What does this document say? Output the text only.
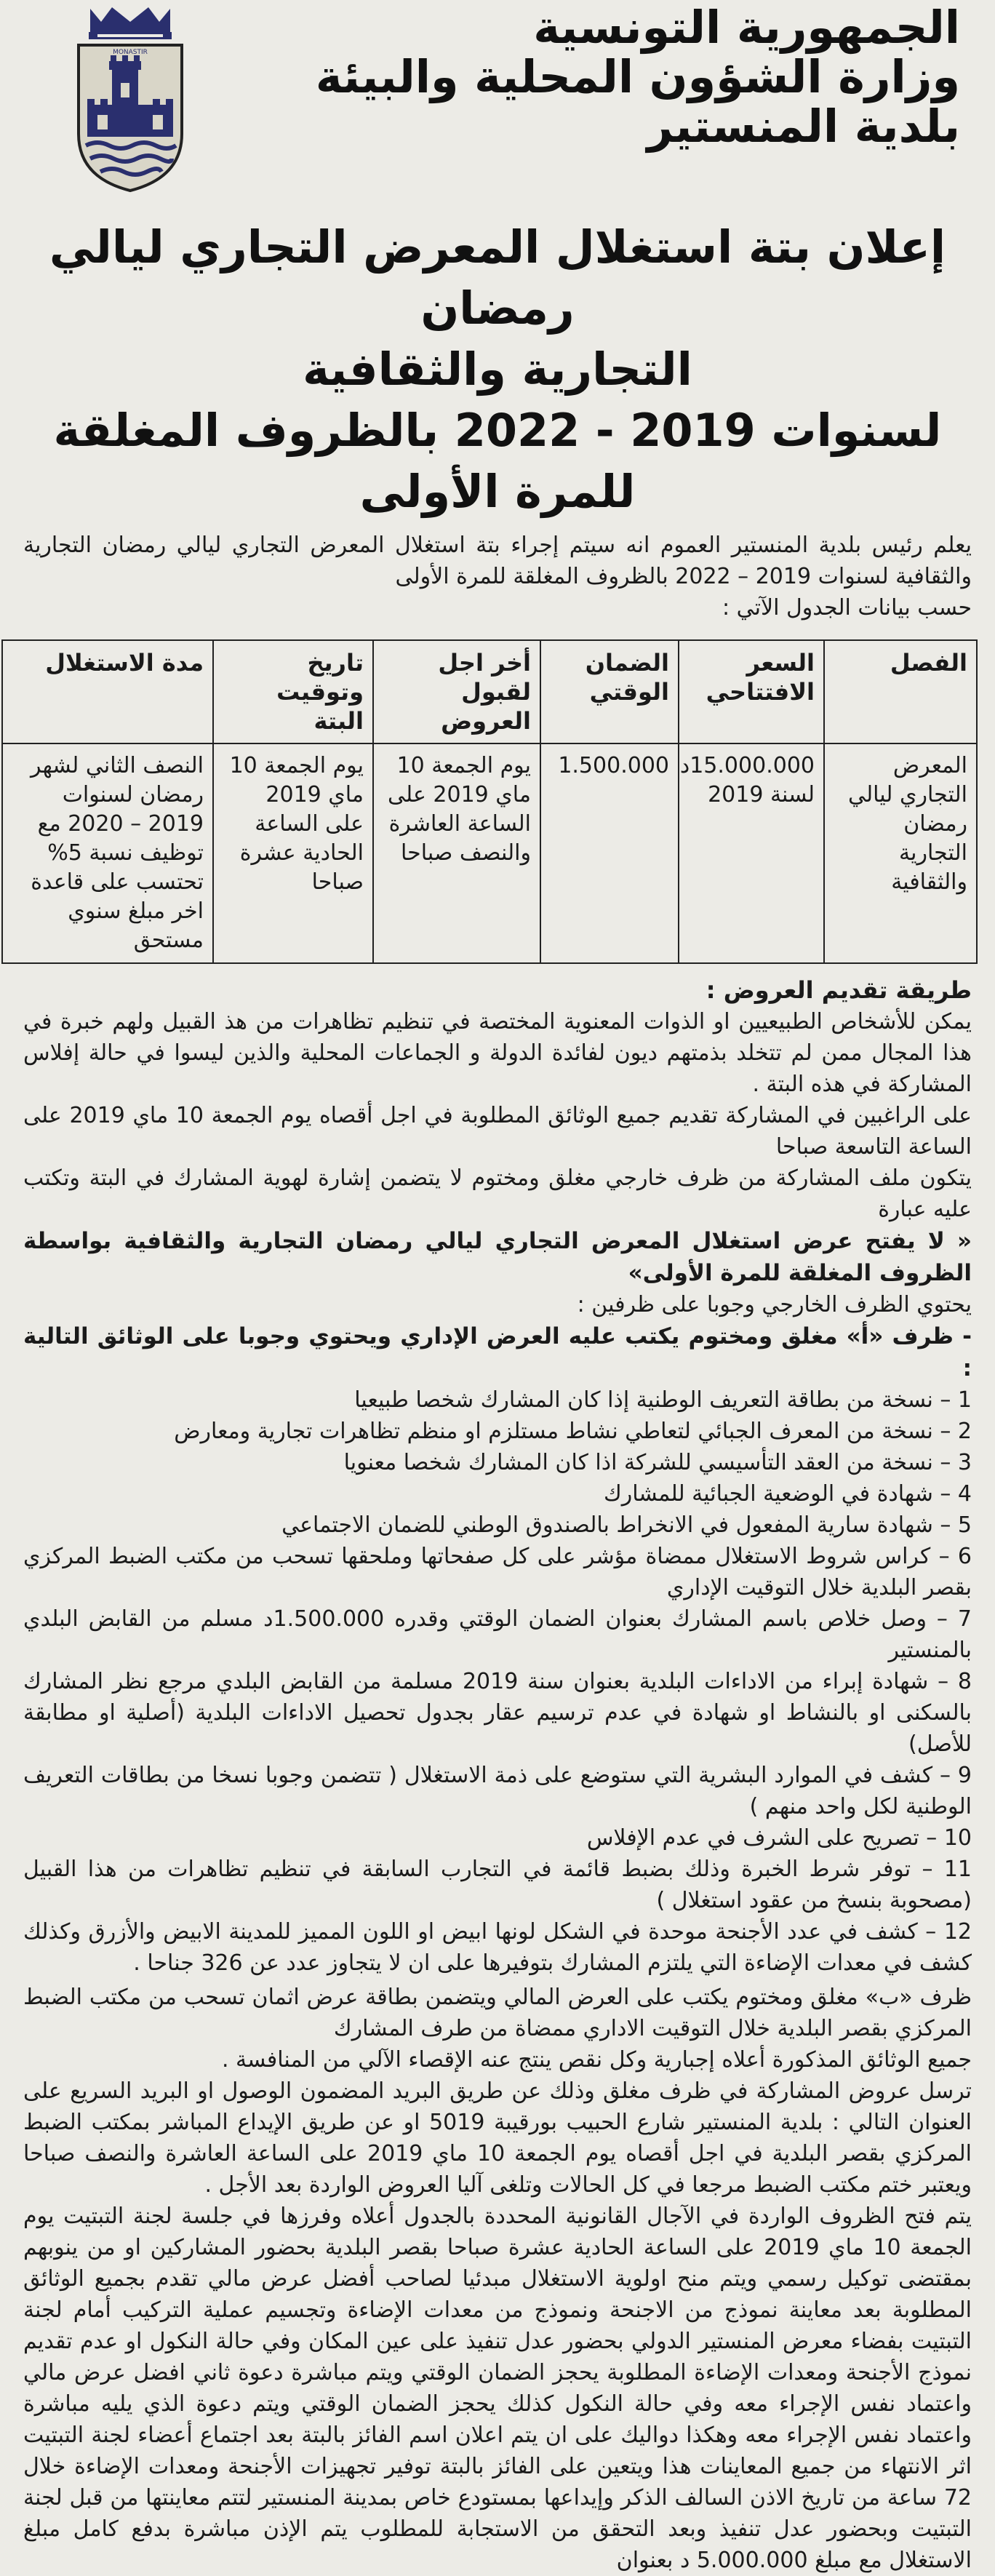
الجمهورية التونسية
وزارة الشؤون المحلية والبيئة
بلدية المنستير
MONASTIR
إعلان بتة استغلال المعرض التجاري ليالي رمضان
التجارية والثقافية
لسنوات 2019 - 2022 بالظروف المغلقة للمرة الأولى

يعلم رئيس بلدية المنستير العموم انه سيتم إجراء بتة استغلال المعرض التجاري ليالي رمضان التجارية والثقافية لسنوات 2019 – 2022 بالظروف المغلقة للمرة الأولى

حسب بيانات الجدول الآتي :

الفصل	السعر الافتتاحي	الضمان الوقتي	أخر اجل لقبول العروض	تاريخ وتوقيت البتة	مدة الاستغلال
المعرض التجاري ليالي رمضان التجارية والثقافية	15.000.000د لسنة 2019	1.500.000	يوم الجمعة 10 ماي 2019 على الساعة العاشرة والنصف صباحا	يوم الجمعة 10 ماي 2019 على الساعة الحادية عشرة صباحا	النصف الثاني لشهر رمضان لسنوات 2019 – 2020 مع توظيف نسبة 5% تحتسب على قاعدة اخر مبلغ سنوي مستحق
طريقة تقديم العروض :

يمكن للأشخاص الطبيعيين او الذوات المعنوية المختصة في تنظيم تظاهرات من هذ القبيل ولهم خبرة في هذا المجال ممن لم تتخلد بذمتهم ديون لفائدة الدولة و الجماعات المحلية والذين ليسوا في حالة إفلاس المشاركة في هذه البتة .

على الراغبين في المشاركة تقديم جميع الوثائق المطلوبة في اجل أقصاه يوم الجمعة 10 ماي 2019 على الساعة التاسعة صباحا

يتكون ملف المشاركة من ظرف خارجي مغلق ومختوم لا يتضمن إشارة لهوية المشارك في البتة وتكتب عليه عبارة

« لا يفتح عرض استغلال المعرض التجاري ليالي رمضان التجارية والثقافية بواسطة الظروف المغلقة للمرة الأولى»

يحتوي الظرف الخارجي وجوبا على ظرفين :

- ظرف «أ» مغلق ومختوم يكتب عليه العرض الإداري ويحتوي وجوبا على الوثائق التالية :

1 – نسخة من بطاقة التعريف الوطنية إذا كان المشارك شخصا طبيعيا
2 – نسخة من المعرف الجبائي لتعاطي نشاط مستلزم او منظم تظاهرات تجارية ومعارض
3 – نسخة من العقد التأسيسي للشركة اذا كان المشارك شخصا معنويا
4 – شهادة في الوضعية الجبائية للمشارك
5 – شهادة سارية المفعول في الانخراط بالصندوق الوطني للضمان الاجتماعي
6 – كراس شروط الاستغلال ممضاة مؤشر على كل صفحاتها وملحقها تسحب من مكتب الضبط المركزي بقصر البلدية خلال التوقيت الإداري
7 – وصل خلاص باسم المشارك بعنوان الضمان الوقتي وقدره 1.500.000د مسلم من القابض البلدي بالمنستير
8 – شهادة إبراء من الاداءات البلدية بعنوان سنة 2019 مسلمة من القابض البلدي مرجع نظر المشارك بالسكنى او بالنشاط او شهادة في عدم ترسيم عقار بجدول تحصيل الاداءات البلدية (أصلية او مطابقة للأصل)
9 – كشف في الموارد البشرية التي ستوضع على ذمة الاستغلال ( تتضمن وجوبا نسخا من بطاقات التعريف الوطنية لكل واحد منهم )
10 – تصريح على الشرف في عدم الإفلاس
11 – توفر شرط الخبرة وذلك بضبط قائمة في التجارب السابقة في تنظيم تظاهرات من هذا القبيل (مصحوبة بنسخ من عقود استغلال )
12 – كشف في عدد الأجنحة موحدة في الشكل لونها ابيض او اللون المميز للمدينة الابيض والأزرق وكذلك كشف في معدات الإضاءة التي يلتزم المشارك بتوفيرها على ان لا يتجاوز عدد عن 326 جناحا .

ظرف «ب» مغلق ومختوم يكتب على العرض المالي ويتضمن بطاقة عرض اثمان تسحب من مكتب الضبط المركزي بقصر البلدية خلال التوقيت الاداري ممضاة من طرف المشارك

جميع الوثائق المذكورة أعلاه إجبارية وكل نقص ينتج عنه الإقصاء الآلي من المنافسة .

ترسل عروض المشاركة في ظرف مغلق وذلك عن طريق البريد المضمون الوصول او البريد السريع على العنوان التالي : بلدية المنستير شارع الحبيب بورقيبة 5019 او عن طريق الإيداع المباشر بمكتب الضبط المركزي بقصر البلدية في اجل أقصاه يوم الجمعة 10 ماي 2019 على الساعة العاشرة والنصف صباحا ويعتبر ختم مكتب الضبط مرجعا في كل الحالات وتلغى آليا العروض الواردة بعد الأجل .

يتم فتح الظروف الواردة في الآجال القانونية المحددة بالجدول أعلاه وفرزها في جلسة لجنة التبتيت يوم الجمعة 10 ماي 2019 على الساعة الحادية عشرة صباحا بقصر البلدية بحضور المشاركين او من ينوبهم بمقتضى توكيل رسمي ويتم منح اولوية الاستغلال مبدئيا لصاحب أفضل عرض مالي تقدم بجميع الوثائق المطلوبة بعد معاينة نموذج من الاجنحة ونموذج من معدات الإضاءة وتجسيم عملية التركيب أمام لجنة التبتيت بفضاء معرض المنستير الدولي بحضور عدل تنفيذ على عين المكان وفي حالة النكول او عدم تقديم نموذج الأجنحة ومعدات الإضاءة المطلوبة يحجز الضمان الوقتي ويتم مباشرة دعوة ثاني افضل عرض مالي واعتماد نفس الإجراء معه وفي حالة النكول كذلك يحجز الضمان الوقتي ويتم دعوة الذي يليه مباشرة واعتماد نفس الإجراء معه وهكذا دواليك على ان يتم اعلان اسم الفائز بالبتة بعد اجتماع أعضاء لجنة التبتيت اثر الانتهاء من جميع المعاينات هذا ويتعين على الفائز بالبتة توفير تجهيزات الأجنحة ومعدات الإضاءة خلال 72 ساعة من تاريخ الاذن السالف الذكر وإيداعها بمستودع خاص بمدينة المنستير لتتم معاينتها من قبل لجنة التبتيت وبحضور عدل تنفيذ وبعد التحقق من الاستجابة للمطلوب يتم الإذن مباشرة بدفع كامل مبلغ الاستغلال مع مبلغ 5.000.000 د بعنوان
